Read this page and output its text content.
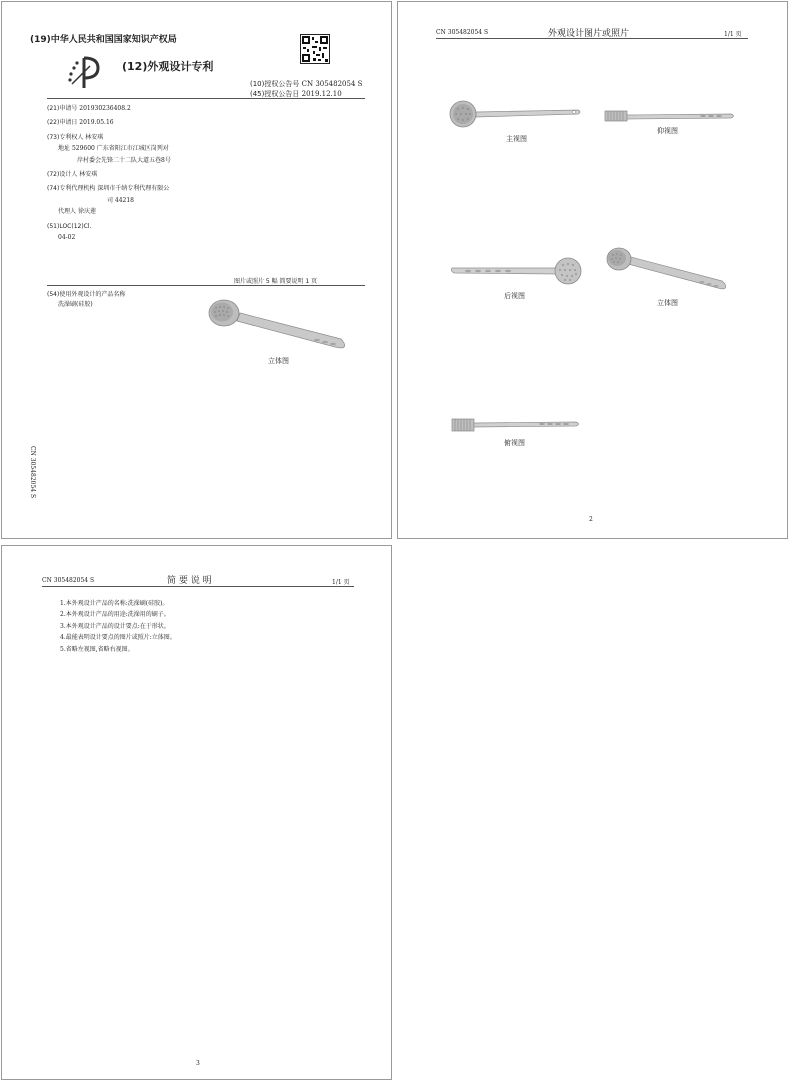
(19)中华人民共和国国家知识产权局
(12)外观设计专利
(10)授权公告号 CN 305482054 S
(45)授权公告日 2019.12.10
(21)申请号 201930236408.2
(22)申请日 2019.05.16
(73)专利权人 林安琪
地址 529600 广东省阳江市江城区岗列对
岸村委会先锋二十二队大道五巷8号
(72)设计人 林安琪
(74)专利代理机构 深圳市千纳专利代理有限公
司 44218
代理人 徐庆莲
(51)LOC(12)Cl.
04-02
图片或照片 5 幅 简要说明 1 页
(54)使用外观设计的产品名称
洗澡刷(硅胶)
立体图
CN 305482054 S
CN 305482054 S	外观设计图片或照片	1/1 页
主视图
仰视图
后视图
立体图
俯视图
2
CN 305482054 S	简 要 说 明	1/1 页
1.本外观设计产品的名称:洗澡刷(硅胶)。
2.本外观设计产品的用途:洗澡用的刷子。
3.本外观设计产品的设计要点:在于形状。
4.最能表明设计要点的图片或照片:立体图。
5.省略左视图,省略右视图。
3
